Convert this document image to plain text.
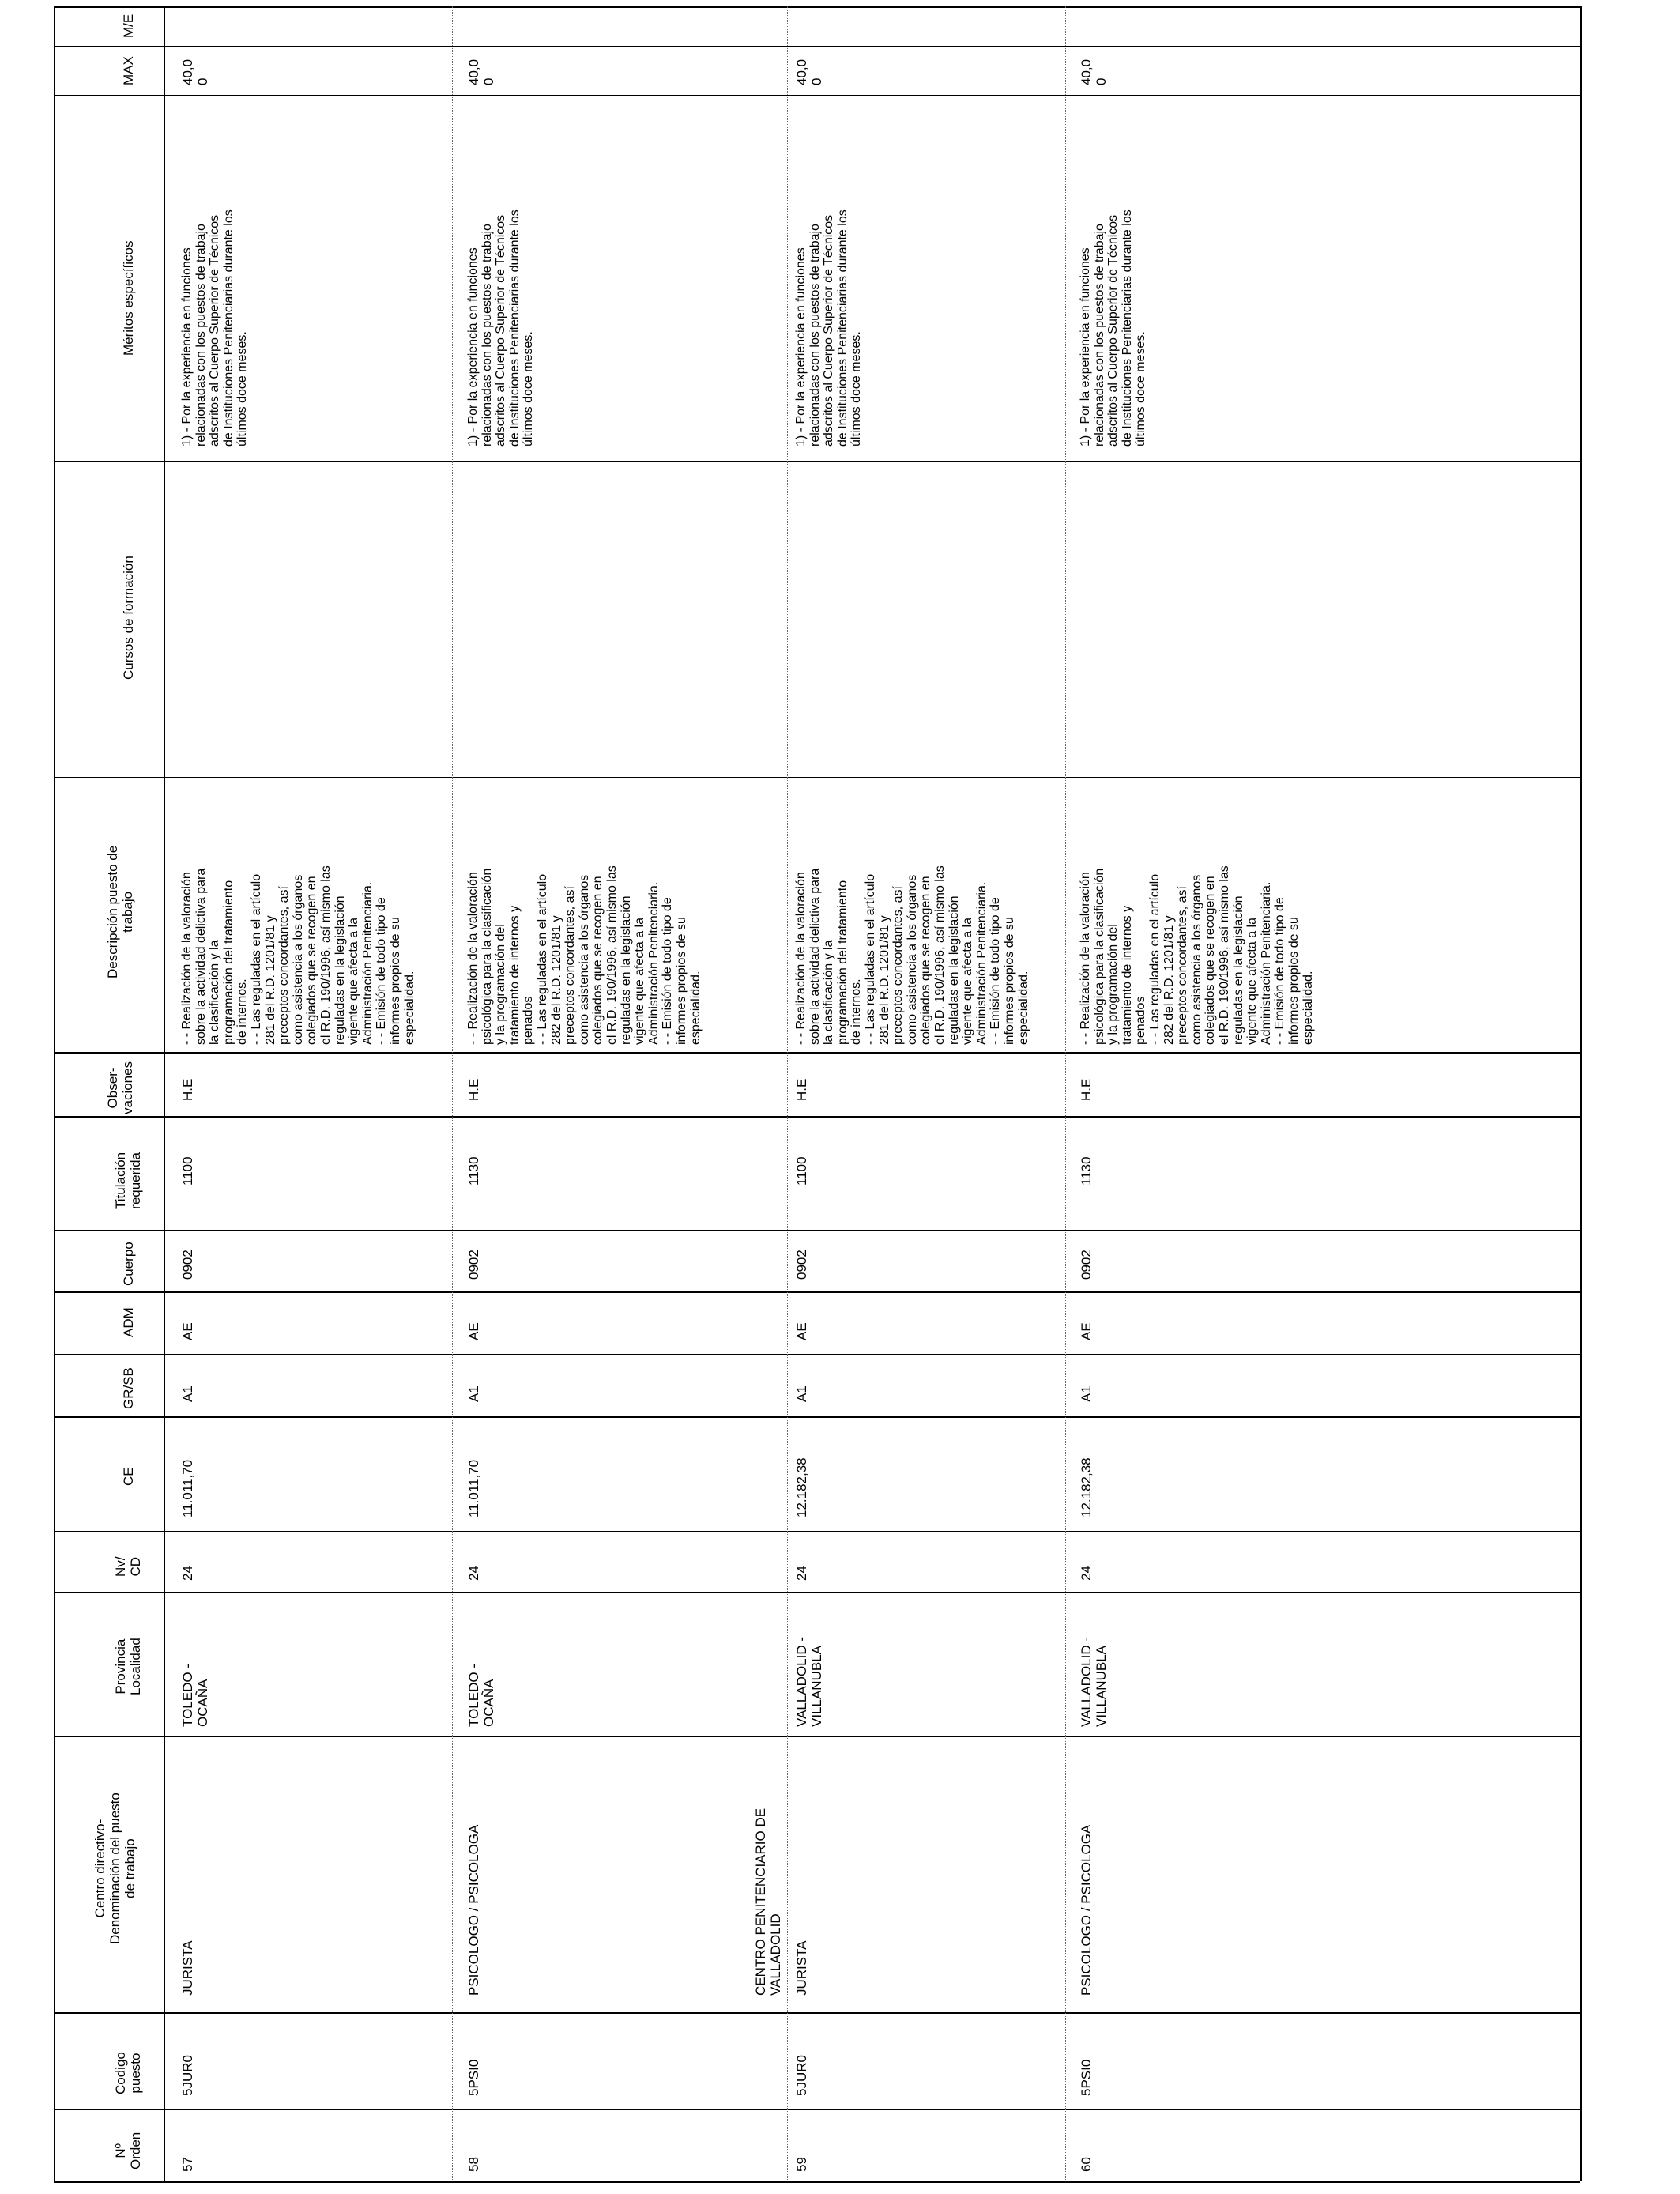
Nº
Orden
Codigo
puesto
Centro directivo-
Denominación del puesto
de trabajo
Provincia
Localidad
Nv/
CD
CE
GR/SB
ADM
Cuerpo
Titulación
requerida
Obser-
vaciones
Descripción puesto de
trabajo
Cursos de formación
Méritos específicos
MAX
M/E
57
5JUR0
JURISTA
TOLEDO -
OCAÑA
24
11.011,70
A1
AE
0902
1100
H.E
- - Realización de la valoración
sobre la actividad delictiva para
la clasificación y la
programación del tratamiento
de internos.
- - Las reguladas en el artículo
281 del R.D. 1201/81 y
preceptos concordantes, así
como asistencia a los órganos
colegiados que se recogen en
el R.D. 190/1996, así mismo las
reguladas en la legislación
vigente que afecta a la
Administración Penitenciaria.
- - Emisión de todo tipo de
informes propios de su
especialidad.
1) - Por la experiencia en funciones
relacionadas con los puestos de trabajo
adscritos al Cuerpo Superior de Técnicos
de Instituciones Penitenciarias durante los
últimos doce meses.
40,0
0
58
5PSI0
PSICOLOGO / PSICOLOGA
TOLEDO -
OCAÑA
24
11.011,70
A1
AE
0902
1130
H.E
- - Realización de la valoración
psicológica para la clasificación
y la programación del
tratamiento de internos y
penados
- - Las reguladas en el artículo
282 del R.D. 1201/81 y
preceptos concordantes, así
como asistencia a los órganos
colegiados que se recogen en
el R.D. 190/1996, así mismo las
reguladas en la legislación
vigente que afecta a la
Administración Penitenciaria.
- - Emisión de todo tipo de
informes propios de su
especialidad.
1) - Por la experiencia en funciones
relacionadas con los puestos de trabajo
adscritos al Cuerpo Superior de Técnicos
de Instituciones Penitenciarias durante los
últimos doce meses.
40,0
0
59
5JUR0
CENTRO PENITENCIARIO DE
VALLADOLID JURISTA
VALLADOLID -
VILLANUBLA
24
12.182,38
A1
AE
0902
1100
H.E
- - Realización de la valoración
sobre la actividad delictiva para
la clasificación y la
programación del tratamiento
de internos.
- - Las reguladas en el artículo
281 del R.D. 1201/81 y
preceptos concordantes, así
como asistencia a los órganos
colegiados que se recogen en
el R.D. 190/1996, así mismo las
reguladas en la legislación
vigente que afecta a la
Administración Penitenciaria.
- - Emisión de todo tipo de
informes propios de su
especialidad.
1) - Por la experiencia en funciones
relacionadas con los puestos de trabajo
adscritos al Cuerpo Superior de Técnicos
de Instituciones Penitenciarias durante los
últimos doce meses.
40,0
0
60
5PSI0
PSICOLOGO / PSICOLOGA
VALLADOLID -
VILLANUBLA
24
12.182,38
A1
AE
0902
1130
H.E
- - Realización de la valoración
psicológica para la clasificación
y la programación del
tratamiento de internos y
penados
- - Las reguladas en el artículo
282 del R.D. 1201/81 y
preceptos concordantes, así
como asistencia a los órganos
colegiados que se recogen en
el R.D. 190/1996, así mismo las
reguladas en la legislación
vigente que afecta a la
Administración Penitenciaria.
- - Emisión de todo tipo de
informes propios de su
especialidad.
1) - Por la experiencia en funciones
relacionadas con los puestos de trabajo
adscritos al Cuerpo Superior de Técnicos
de Instituciones Penitenciarias durante los
últimos doce meses.
40,0
0
